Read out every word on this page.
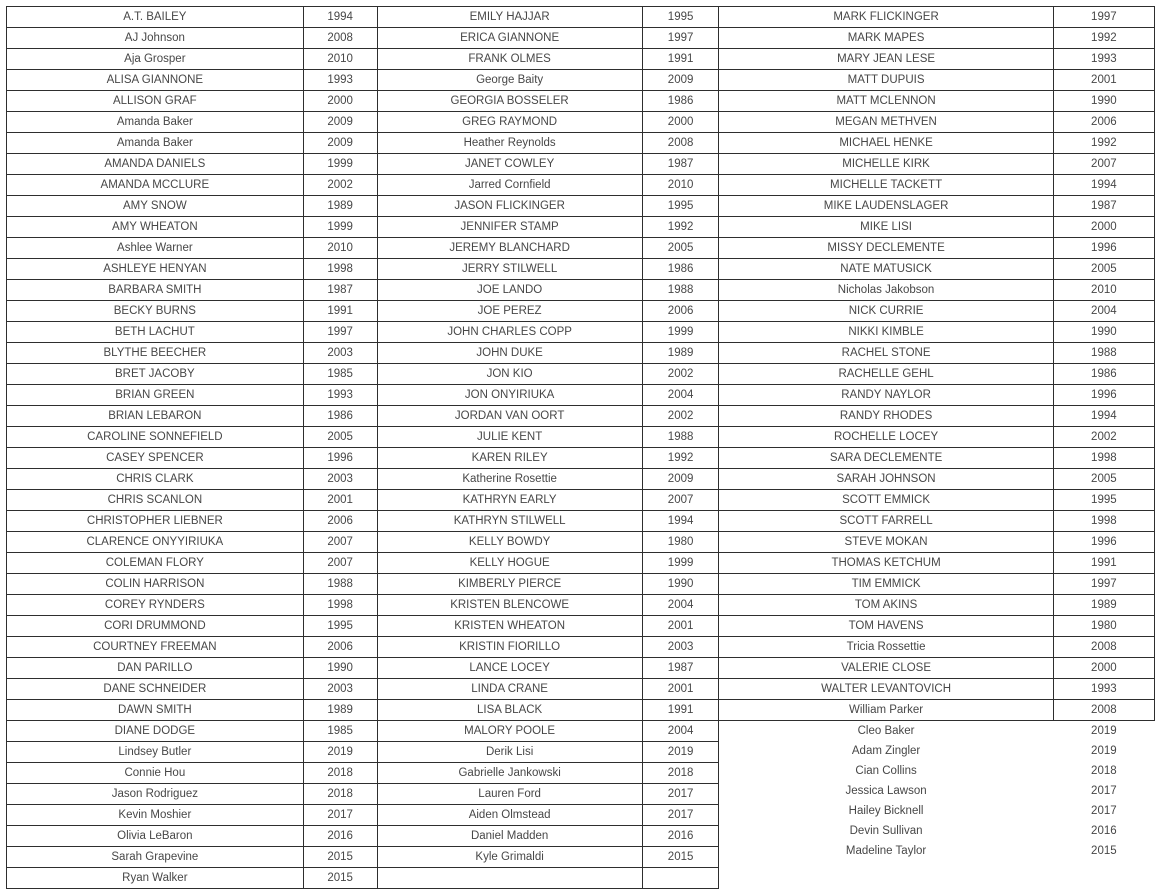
A.T. BAILEY	1994
AJ Johnson	2008
Aja Grosper	2010
ALISA GIANNONE	1993
ALLISON GRAF	2000
Amanda Baker	2009
Amanda Baker	2009
AMANDA DANIELS	1999
AMANDA MCCLURE	2002
AMY SNOW	1989
AMY WHEATON	1999
Ashlee Warner	2010
ASHLEYE HENYAN	1998
BARBARA SMITH	1987
BECKY BURNS	1991
BETH LACHUT	1997
BLYTHE BEECHER	2003
BRET JACOBY	1985
BRIAN GREEN	1993
BRIAN LEBARON	1986
CAROLINE SONNEFIELD	2005
CASEY SPENCER	1996
CHRIS CLARK	2003
CHRIS SCANLON	2001
CHRISTOPHER LIEBNER	2006
CLARENCE ONYYIRIUKA	2007
COLEMAN FLORY	2007
COLIN HARRISON	1988
COREY RYNDERS	1998
CORI DRUMMOND	1995
COURTNEY FREEMAN	2006
DAN PARILLO	1990
DANE SCHNEIDER	2003
DAWN SMITH	1989
DIANE DODGE	1985
Lindsey Butler	2019
Connie Hou	2018
Jason Rodriguez	2018
Kevin Moshier	2017
Olivia LeBaron	2016
Sarah Grapevine	2015
Ryan Walker	2015
EMILY HAJJAR	1995
ERICA GIANNONE	1997
FRANK OLMES	1991
George Baity	2009
GEORGIA BOSSELER	1986
GREG RAYMOND	2000
Heather Reynolds	2008
JANET COWLEY	1987
Jarred Cornfield	2010
JASON FLICKINGER	1995
JENNIFER STAMP	1992
JEREMY BLANCHARD	2005
JERRY STILWELL	1986
JOE LANDO	1988
JOE PEREZ	2006
JOHN CHARLES COPP	1999
JOHN DUKE	1989
JON KIO	2002
JON ONYIRIUKA	2004
JORDAN VAN OORT	2002
JULIE KENT	1988
KAREN RILEY	1992
Katherine Rosettie	2009
KATHRYN EARLY	2007
KATHRYN STILWELL	1994
KELLY BOWDY	1980
KELLY HOGUE	1999
KIMBERLY PIERCE	1990
KRISTEN BLENCOWE	2004
KRISTEN WHEATON	2001
KRISTIN FIORILLO	2003
LANCE LOCEY	1987
LINDA CRANE	2001
LISA BLACK	1991
MALORY POOLE	2004
Derik Lisi	2019
Gabrielle Jankowski	2018
Lauren Ford	2017
Aiden Olmstead	2017
Daniel Madden	2016
Kyle Grimaldi	2015

MARK FLICKINGER	1997
MARK MAPES	1992
MARY JEAN LESE	1993
MATT DUPUIS	2001
MATT MCLENNON	1990
MEGAN METHVEN	2006
MICHAEL HENKE	1992
MICHELLE KIRK	2007
MICHELLE TACKETT	1994
MIKE LAUDENSLAGER	1987
MIKE LISI	2000
MISSY DECLEMENTE	1996
NATE MATUSICK	2005
Nicholas Jakobson	2010
NICK CURRIE	2004
NIKKI KIMBLE	1990
RACHEL STONE	1988
RACHELLE GEHL	1986
RANDY NAYLOR	1996
RANDY RHODES	1994
ROCHELLE LOCEY	2002
SARA DECLEMENTE	1998
SARAH JOHNSON	2005
SCOTT EMMICK	1995
SCOTT FARRELL	1998
STEVE MOKAN	1996
THOMAS KETCHUM	1991
TIM EMMICK	1997
TOM AKINS	1989
TOM HAVENS	1980
Tricia Rossettie	2008
VALERIE CLOSE	2000
WALTER LEVANTOVICH	1993
William Parker	2008
Cleo Baker	2019
Adam Zingler	2019
Cian Collins	2018
Jessica Lawson	2017
Hailey Bicknell	2017
Devin Sullivan	2016
Madeline Taylor	2015
